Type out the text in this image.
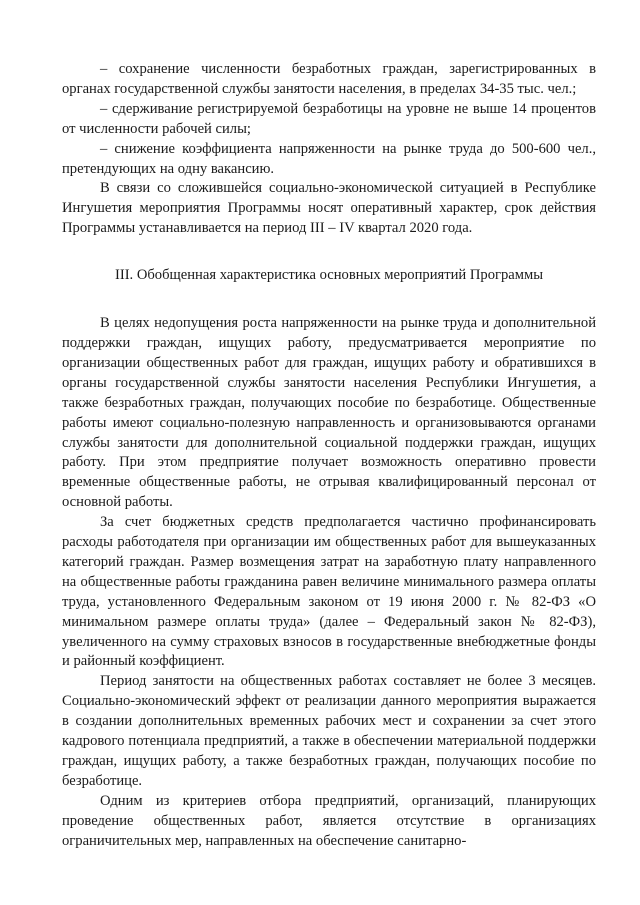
– сохранение численности безработных граждан, зарегистрированных в органах государственной службы занятости населения, в пределах 34-35 тыс. чел.;

– сдерживание регистрируемой безработицы на уровне не выше 14 процентов от численности рабочей силы;

– снижение коэффициента напряженности на рынке труда до 500-600 чел., претендующих на одну вакансию.

В связи со сложившейся социально-экономической ситуацией в Республике Ингушетия мероприятия Программы носят оперативный характер, срок действия Программы устанавливается на период III – IV квартал 2020 года.

III. Обобщенная характеристика основных мероприятий Программы

В целях недопущения роста напряженности на рынке труда и дополнительной поддержки граждан, ищущих работу, предусматривается мероприятие по организации общественных работ для граждан, ищущих работу и обратившихся в органы государственной службы занятости населения Республики Ингушетия, а также безработных граждан, получающих пособие по безработице. Общественные работы имеют социально-полезную направленность и организовываются органами службы занятости для дополнительной социальной поддержки граждан, ищущих работу. При этом предприятие получает возможность оперативно провести временные общественные работы, не отрывая квалифицированный персонал от основной работы.

За счет бюджетных средств предполагается частично профинансировать расходы работодателя при организации им общественных работ для вышеуказанных категорий граждан. Размер возмещения затрат на заработную плату направленного на общественные работы гражданина равен величине минимального размера оплаты труда, установленного Федеральным законом от 19 июня 2000 г. № 82-ФЗ «О минимальном размере оплаты труда» (далее – Федеральный закон № 82-ФЗ), увеличенного на сумму страховых взносов в государственные внебюджетные фонды и районный коэффициент.

Период занятости на общественных работах составляет не более 3 месяцев. Социально-экономический эффект от реализации данного мероприятия выражается в создании дополнительных временных рабочих мест и сохранении за счет этого кадрового потенциала предприятий, а также в обеспечении материальной поддержки граждан, ищущих работу, а также безработных граждан, получающих пособие по безработице.

Одним из критериев отбора предприятий, организаций, планирующих проведение общественных работ, является отсутствие в организациях ограничительных мер, направленных на обеспечение санитарно-
